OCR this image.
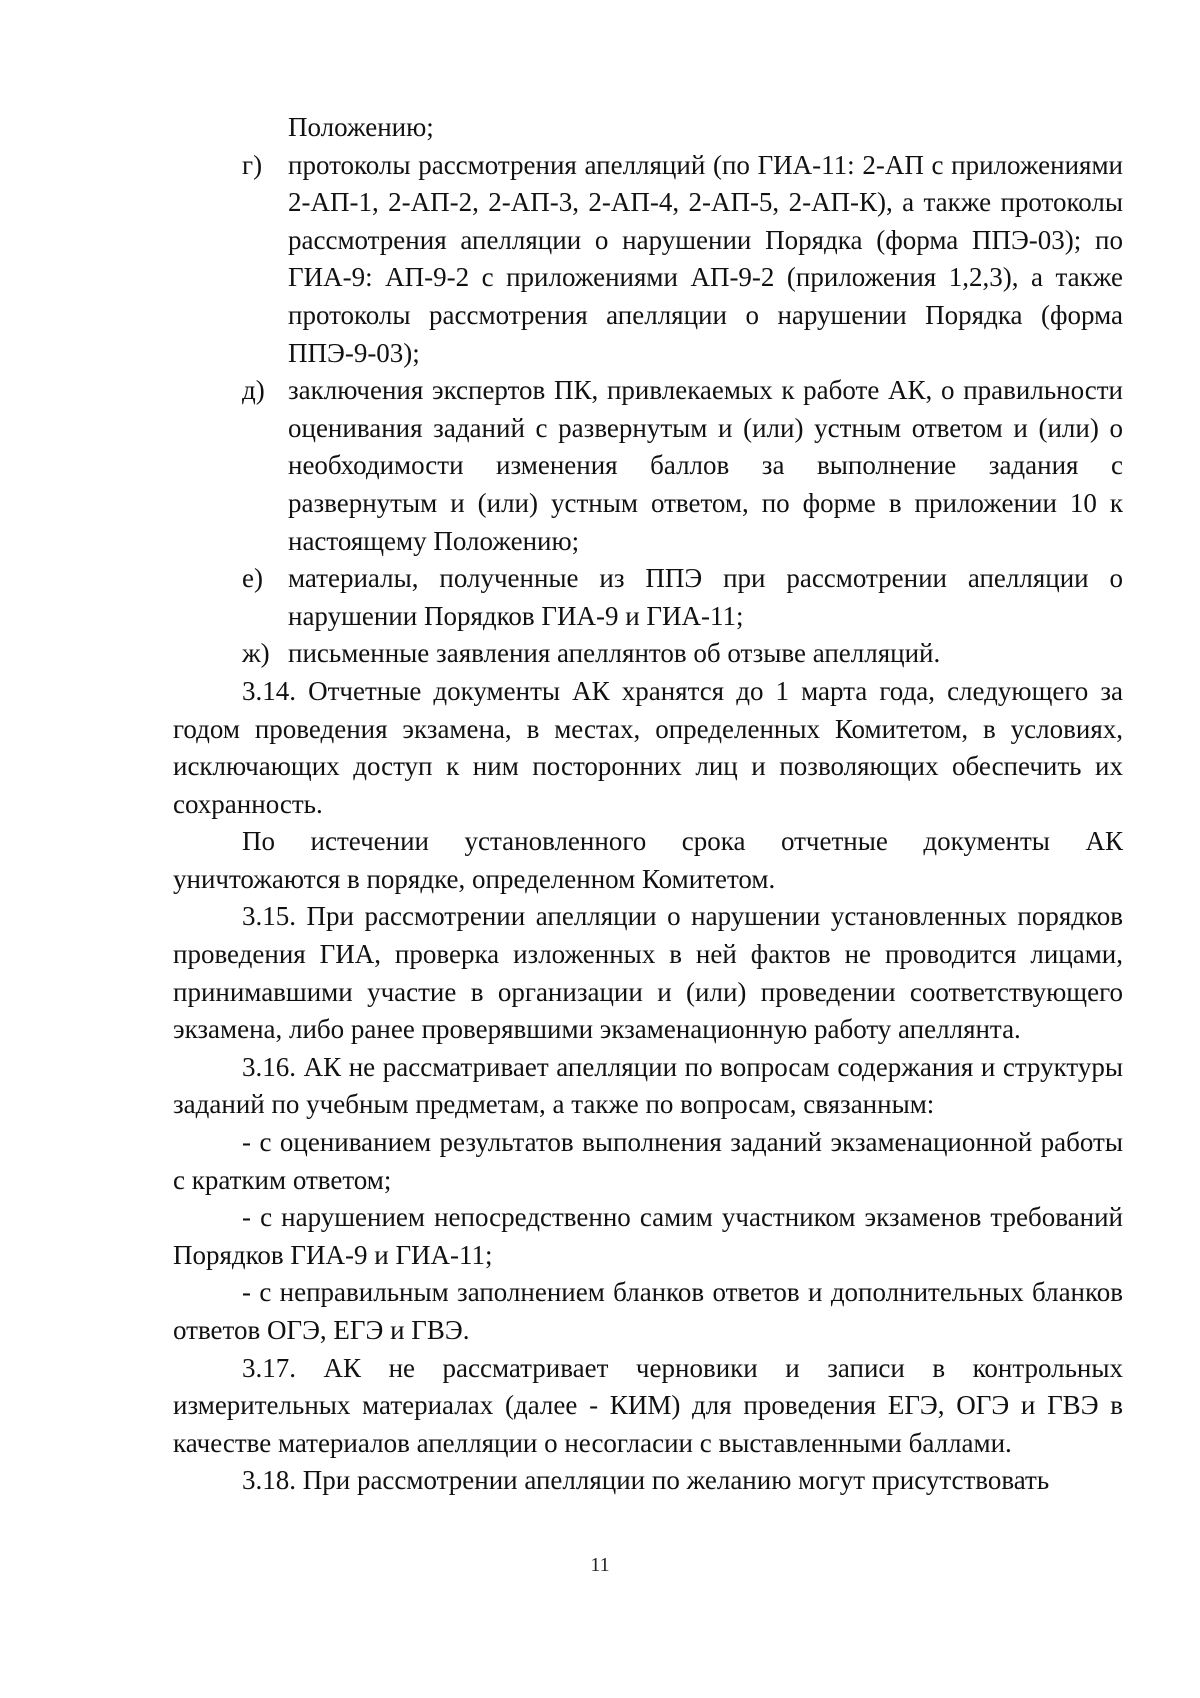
Положению;
г) протоколы рассмотрения апелляций (по ГИА-11: 2-АП с приложениями 2-АП-1, 2-АП-2, 2-АП-3, 2-АП-4, 2-АП-5, 2-АП-К), а также протоколы рассмотрения апелляции о нарушении Порядка (форма ППЭ-03); по ГИА-9: АП-9-2 с приложениями АП-9-2 (приложения 1,2,3), а также протоколы рассмотрения апелляции о нарушении Порядка (форма ППЭ-9-03);
д) заключения экспертов ПК, привлекаемых к работе АК, о правильности оценивания заданий с развернутым и (или) устным ответом и (или) о необходимости изменения баллов за выполнение задания с развернутым и (или) устным ответом, по форме в приложении 10 к настоящему Положению;
е) материалы, полученные из ППЭ при рассмотрении апелляции о нарушении Порядков ГИА-9 и ГИА-11;
ж) письменные заявления апеллянтов об отзыве апелляций.

3.14. Отчетные документы АК хранятся до 1 марта года, следующего за годом проведения экзамена, в местах, определенных Комитетом, в условиях, исключающих доступ к ним посторонних лиц и позволяющих обеспечить их сохранность.

По истечении установленного срока отчетные документы АК уничтожаются в порядке, определенном Комитетом.

3.15. При рассмотрении апелляции о нарушении установленных порядков проведения ГИА, проверка изложенных в ней фактов не проводится лицами, принимавшими участие в организации и (или) проведении соответствующего экзамена, либо ранее проверявшими экзаменационную работу апеллянта.

3.16. АК не рассматривает апелляции по вопросам содержания и структуры заданий по учебным предметам, а также по вопросам, связанным:

- с оцениванием результатов выполнения заданий экзаменационной работы с кратким ответом;

- с нарушением непосредственно самим участником экзаменов требований Порядков ГИА-9 и ГИА-11;

- с неправильным заполнением бланков ответов и дополнительных бланков ответов ОГЭ, ЕГЭ и ГВЭ.

3.17. АК не рассматривает черновики и записи в контрольных измерительных материалах (далее - КИМ) для проведения ЕГЭ, ОГЭ и ГВЭ в качестве материалов апелляции о несогласии с выставленными баллами.

3.18. При рассмотрении апелляции по желанию могут присутствовать

11
